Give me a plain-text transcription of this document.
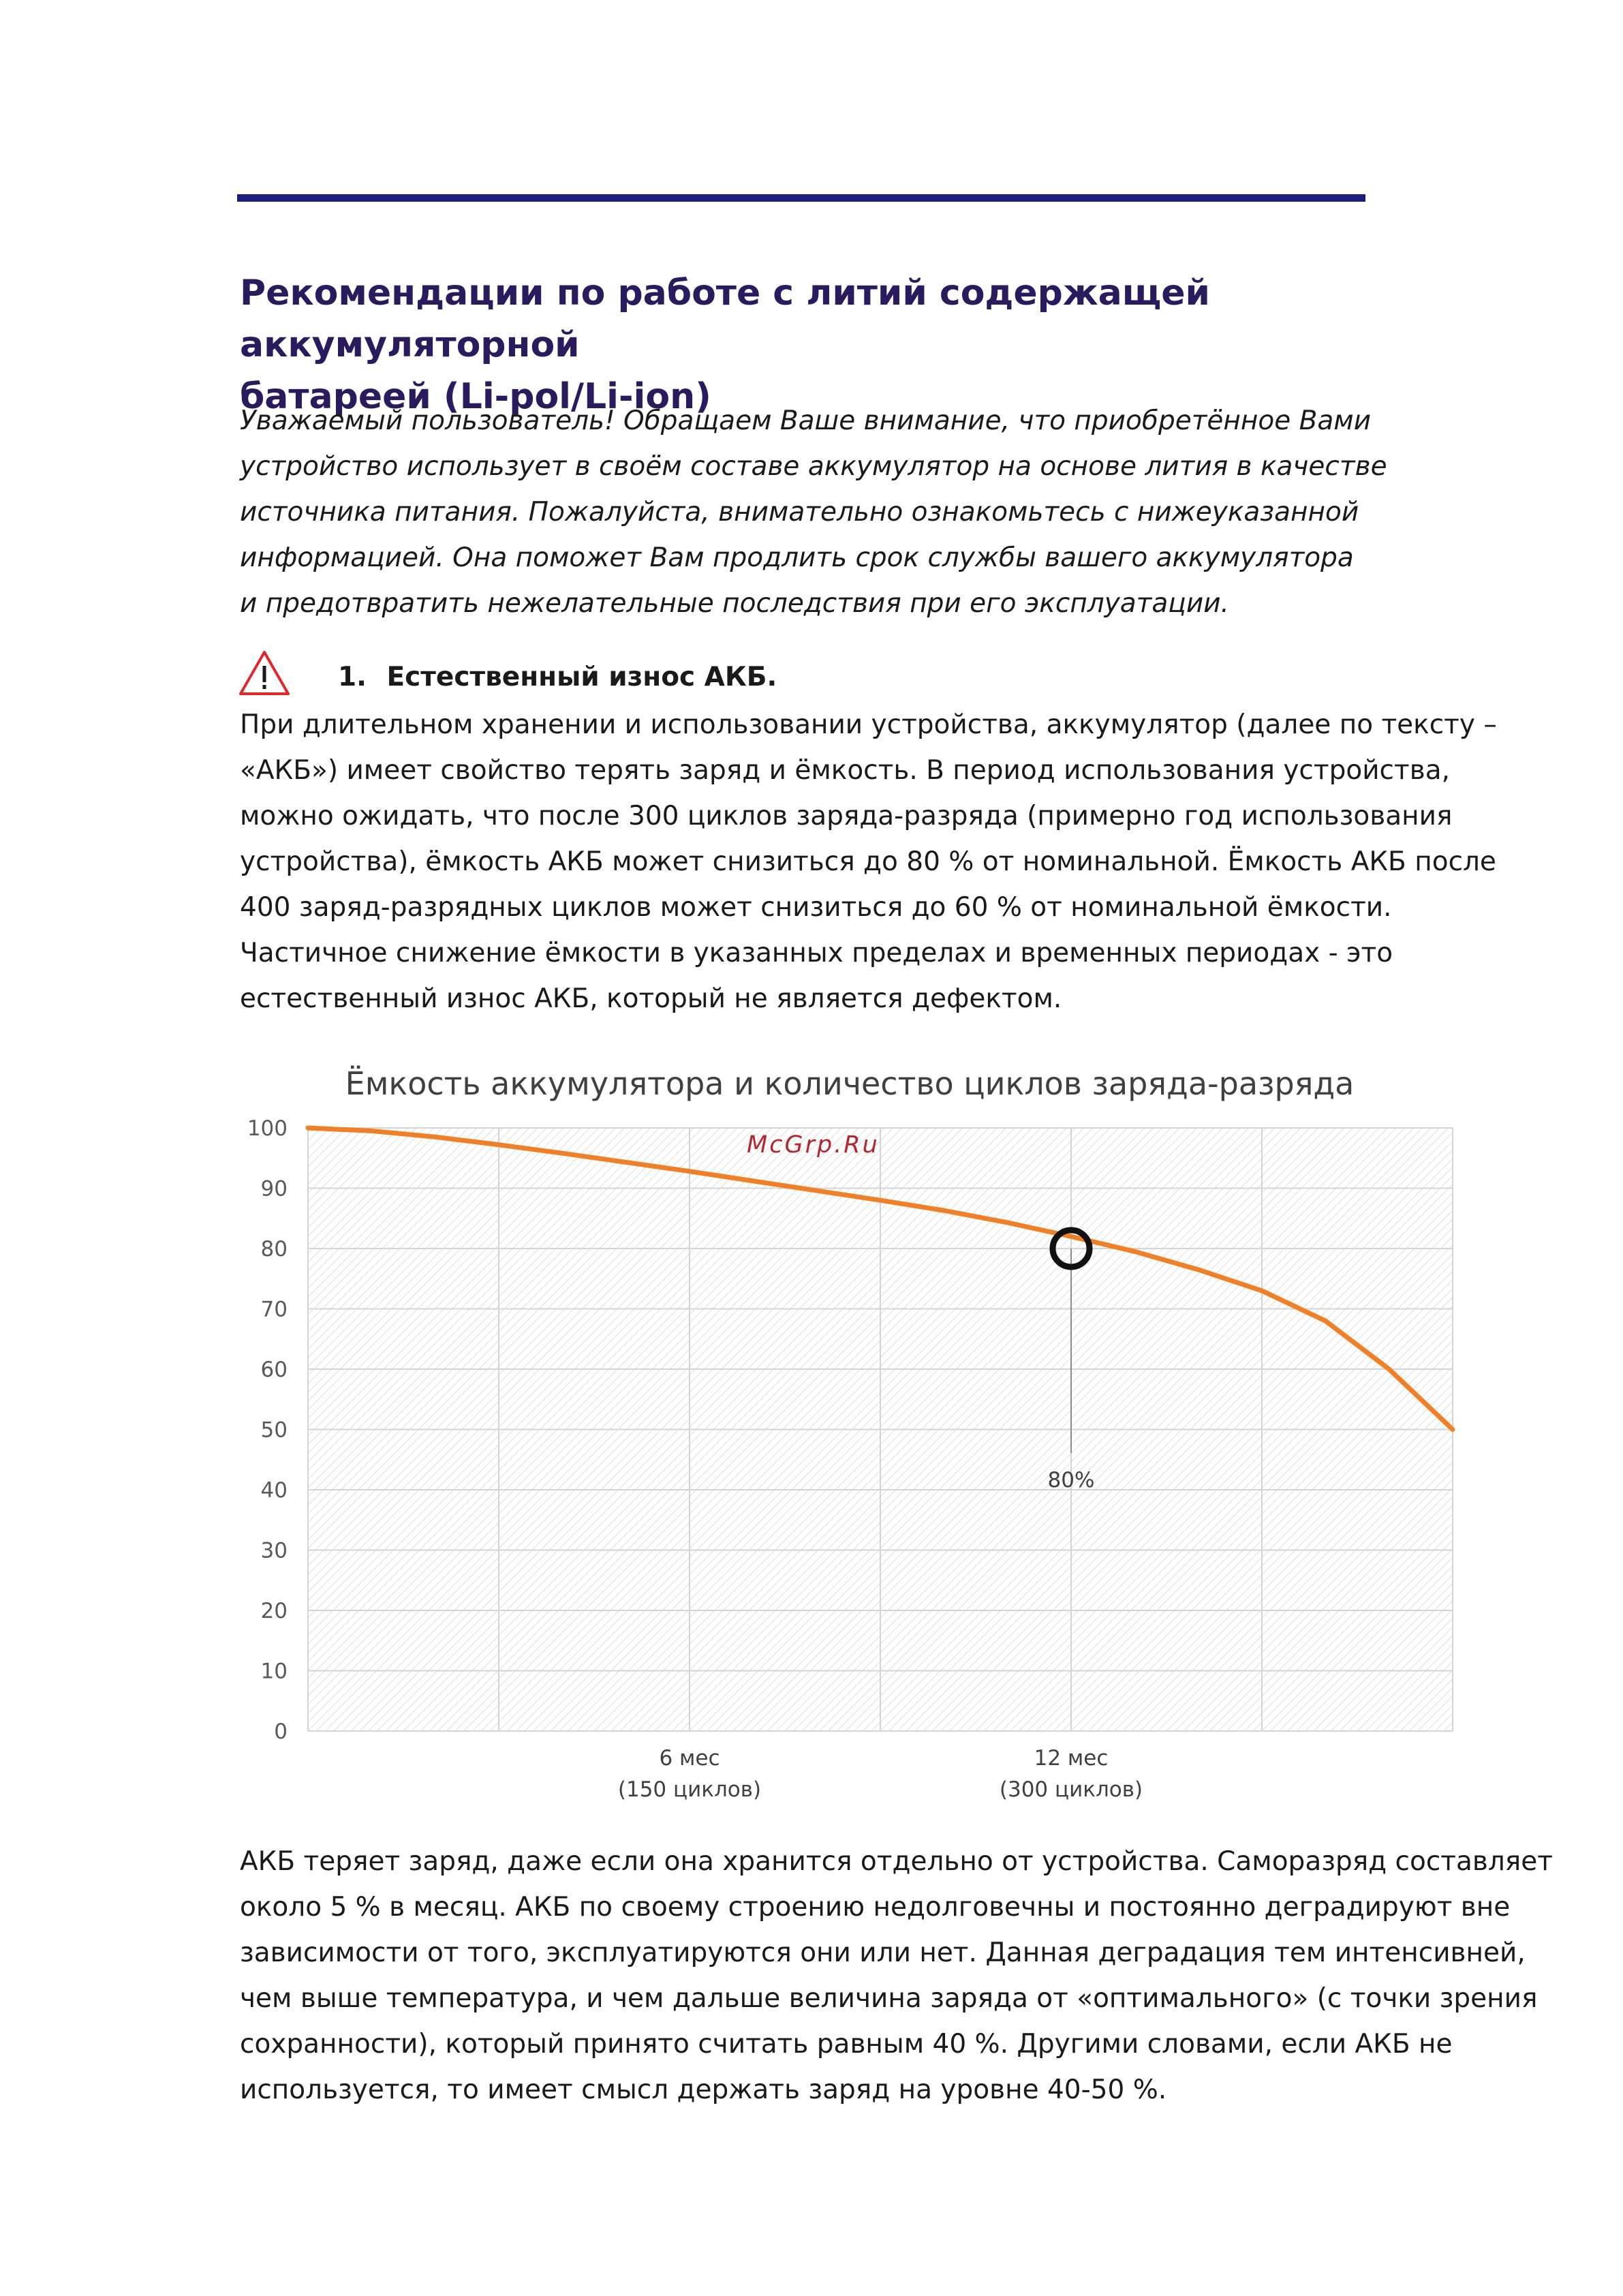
Рекомендации по работе с литий содержащей аккумуляторной
батареей (Li-pol/Li-ion)
Уважаемый пользователь! Обращаем Ваше внимание, что приобретённое Вами
устройство использует в своём составе аккумулятор на основе лития в качестве
источника питания. Пожалуйста, внимательно ознакомьтесь с нижеуказанной
информацией. Она поможет Вам продлить срок службы вашего аккумулятора
и предотвратить нежелательные последствия при его эксплуатации.
1. Естественный износ АКБ.
При длительном хранении и использовании устройства, аккумулятор (далее по тексту –
«АКБ») имеет свойство терять заряд и ёмкость. В период использования устройства,
можно ожидать, что после 300 циклов заряда-разряда (примерно год использования
устройства), ёмкость АКБ может снизиться до 80 % от номинальной. Ёмкость АКБ после
400 заряд-разрядных циклов может снизиться до 60 % от номинальной ёмкости.
Частичное снижение ёмкости в указанных пределах и временных периодах - это
естественный износ АКБ, который не является дефектом.
Ёмкость аккумулятора и количество циклов заряда-разряда
0
10
20
30
40
50
60
70
80
90
100
6 мес
(150 циклов)
12 мес
(300 циклов)
80%
McGrp.Ru
АКБ теряет заряд, даже если она хранится отдельно от устройства. Саморазряд составляет
около 5 % в месяц. АКБ по своему строению недолговечны и постоянно деградируют вне
зависимости от того, эксплуатируются они или нет. Данная деградация тем интенсивней,
чем выше температура, и чем дальше величина заряда от «оптимального» (с точки зрения
сохранности), который принято считать равным 40 %. Другими словами, если АКБ не
используется, то имеет смысл держать заряд на уровне 40-50 %.
